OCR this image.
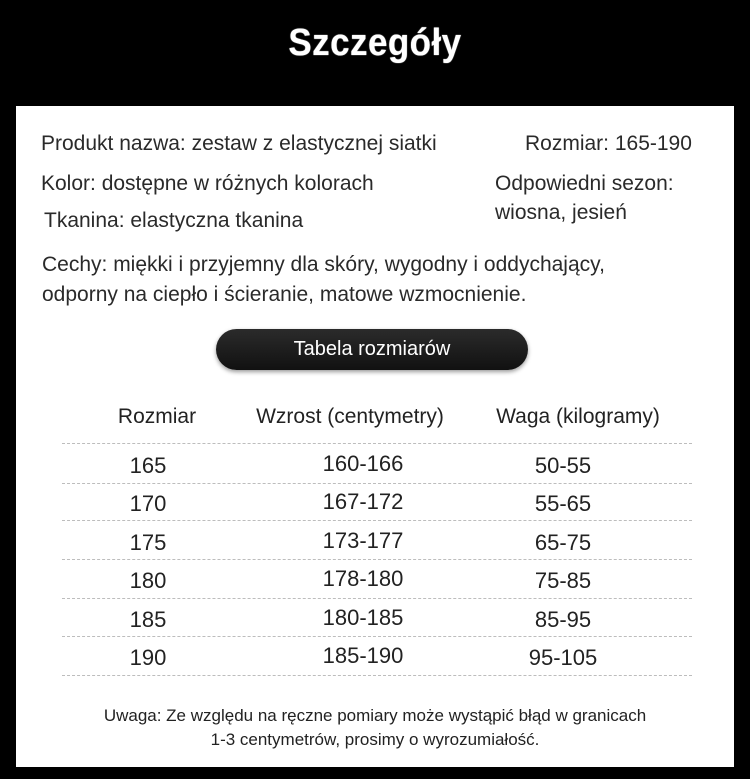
Szczegóły
Produkt nazwa: zestaw z elastycznej siatki	Rozmiar: 165-190
Kolor: dostępne w różnych kolorach	Odpowiedni sezon:
wiosna, jesień
Tkanina: elastyczna tkanina
Cechy: miękki i przyjemny dla skóry, wygodny i oddychający,
odporny na ciepło i ścieranie, matowe wzmocnienie.
Tabela rozmiarów
Rozmiar	Wzrost (centymetry)	Waga (kilogramy)
165	160-166	50-55
170	167-172	55-65
175	173-177	65-75
180	178-180	75-85
185	180-185	85-95
190	185-190	95-105
Uwaga: Ze względu na ręczne pomiary może wystąpić błąd w granicach
1-3 centymetrów, prosimy o wyrozumiałość.
